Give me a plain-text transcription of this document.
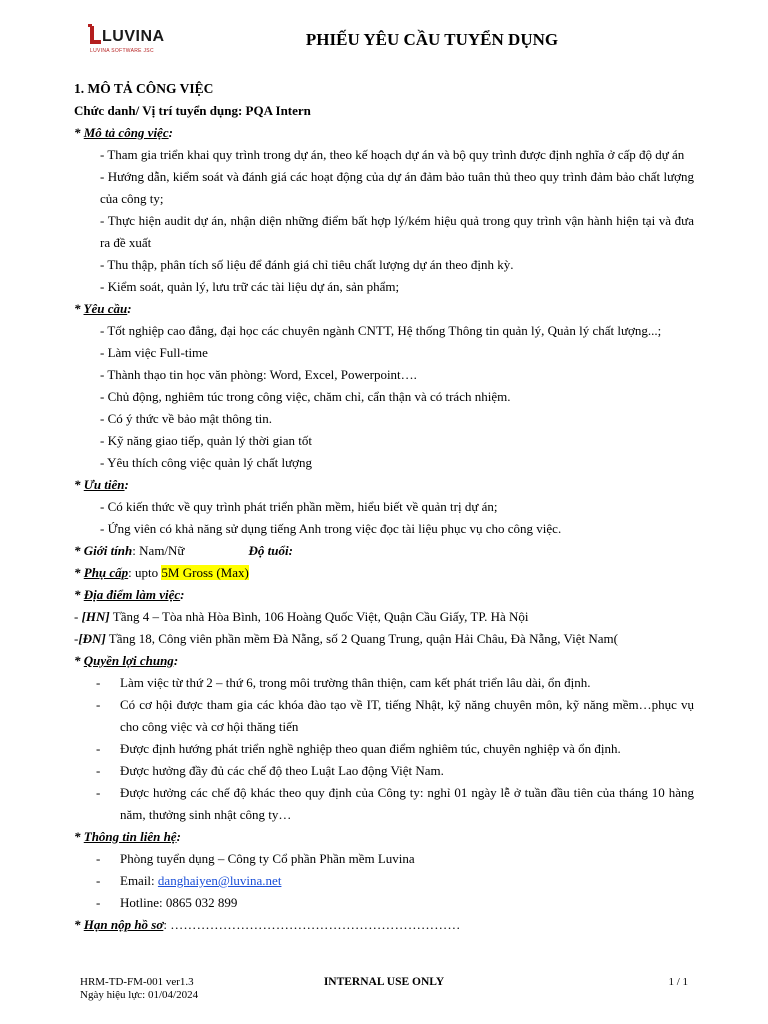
LUVINA
LUVINA SOFTWARE JSC
PHIẾU YÊU CẦU TUYỂN DỤNG
1. MÔ TẢ CÔNG VIỆC
Chức danh/ Vị trí tuyển dụng: PQA Intern
* Mô tả công việc:
- Tham gia triển khai quy trình trong dự án, theo kế hoạch dự án và bộ quy trình được định nghĩa ở cấp độ dự án
- Hướng dẫn, kiểm soát và đánh giá các hoạt động của dự án đảm bảo tuân thủ theo quy trình đảm bảo chất lượng của công ty;
- Thực hiện audit dự án, nhận diện những điểm bất hợp lý/kém hiệu quả trong quy trình vận hành hiện tại và đưa ra đề xuất
- Thu thập, phân tích số liệu để đánh giá chỉ tiêu chất lượng dự án theo định kỳ.
- Kiểm soát, quản lý, lưu trữ các tài liệu dự án, sản phẩm;
* Yêu cầu:
- Tốt nghiệp cao đẳng, đại học các chuyên ngành CNTT, Hệ thống Thông tin quản lý, Quản lý chất lượng...;
- Làm việc Full-time
- Thành thạo tin học văn phòng: Word, Excel, Powerpoint….
- Chủ động, nghiêm túc trong công việc, chăm chỉ, cẩn thận và có trách nhiệm.
- Có ý thức về bảo mật thông tin.
- Kỹ năng giao tiếp, quản lý thời gian tốt
- Yêu thích công việc quản lý chất lượng
* Ưu tiên:
- Có kiến thức về quy trình phát triển phần mềm, hiểu biết về quản trị dự án;
- Ứng viên có khả năng sử dụng tiếng Anh trong việc đọc tài liệu phục vụ cho công việc.
* Giới tính: Nam/Nữ	Độ tuổi:
* Phụ cấp: upto 5M Gross (Max)
* Địa điểm làm việc:
- [HN] Tầng 4 – Tòa nhà Hòa Bình, 106 Hoàng Quốc Việt, Quận Cầu Giấy, TP. Hà Nội
-[ĐN] Tầng 18, Công viên phần mềm Đà Nẵng, số 2 Quang Trung, quận Hải Châu, Đà Nẵng, Việt Nam(
* Quyền lợi chung:
- Làm việc từ thứ 2 – thứ 6, trong môi trường thân thiện, cam kết phát triển lâu dài, ổn định.
- Có cơ hội được tham gia các khóa đào tạo về IT, tiếng Nhật, kỹ năng chuyên môn, kỹ năng mềm…phục vụ cho công việc và cơ hội thăng tiến
- Được định hướng phát triển nghề nghiệp theo quan điểm nghiêm túc, chuyên nghiệp và ổn định.
- Được hưởng đầy đủ các chế độ theo Luật Lao động Việt Nam.
- Được hưởng các chế độ khác theo quy định của Công ty: nghỉ 01 ngày lễ ở tuần đầu tiên của tháng 10 hàng năm, thưởng sinh nhật công ty…
* Thông tin liên hệ:
- Phòng tuyển dụng – Công ty Cổ phần Phần mềm Luvina
- Email: danghaiyen@luvina.net
- Hotline: 0865 032 899
* Hạn nộp hồ sơ: …………………………………………………………
HRM-TD-FM-001 ver1.3
Ngày hiệu lực: 01/04/2024
INTERNAL USE ONLY	1 / 1
